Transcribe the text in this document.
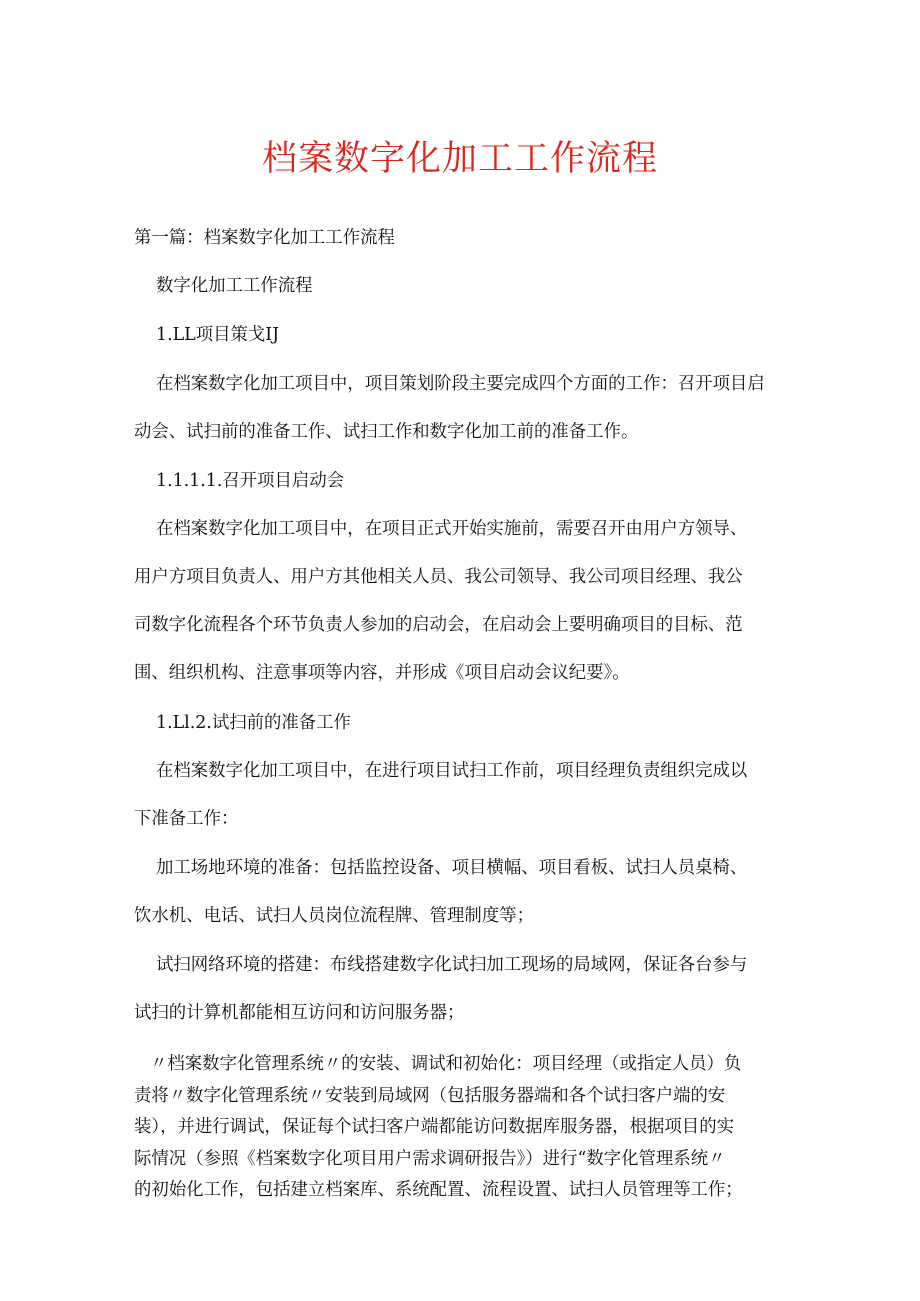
档案数字化加工工作流程
第一篇：档案数字化加工工作流程
数字化加工工作流程
1.LL项目策戈IJ
在档案数字化加工项目中，项目策划阶段主要完成四个方面的工作：召开项目启
动会、试扫前的准备工作、试扫工作和数字化加工前的准备工作。
1.1.1.1.召开项目启动会
在档案数字化加工项目中，在项目正式开始实施前，需要召开由用户方领导、
用户方项目负责人、用户方其他相关人员、我公司领导、我公司项目经理、我公
司数字化流程各个环节负责人参加的启动会，在启动会上要明确项目的目标、范
围、组织机构、注意事项等内容，并形成《项目启动会议纪要》。
1.Ll.2.试扫前的准备工作
在档案数字化加工项目中，在进行项目试扫工作前，项目经理负责组织完成以
下准备工作：
加工场地环境的准备：包括监控设备、项目横幅、项目看板、试扫人员桌椅、
饮水机、电话、试扫人员岗位流程牌、管理制度等；
试扫网络环境的搭建：布线搭建数字化试扫加工现场的局域网，保证各台参与
试扫的计算机都能相互访问和访问服务器；
〃档案数字化管理系统〃的安装、调试和初始化：项目经理（或指定人员）负
责将〃数字化管理系统〃安装到局域网（包括服务器端和各个试扫客户端的安
装），并进行调试，保证每个试扫客户端都能访问数据库服务器，根据项目的实
际情况（参照《档案数字化项目用户需求调研报告》）进行“数字化管理系统〃
的初始化工作，包括建立档案库、系统配置、流程设置、试扫人员管理等工作；
